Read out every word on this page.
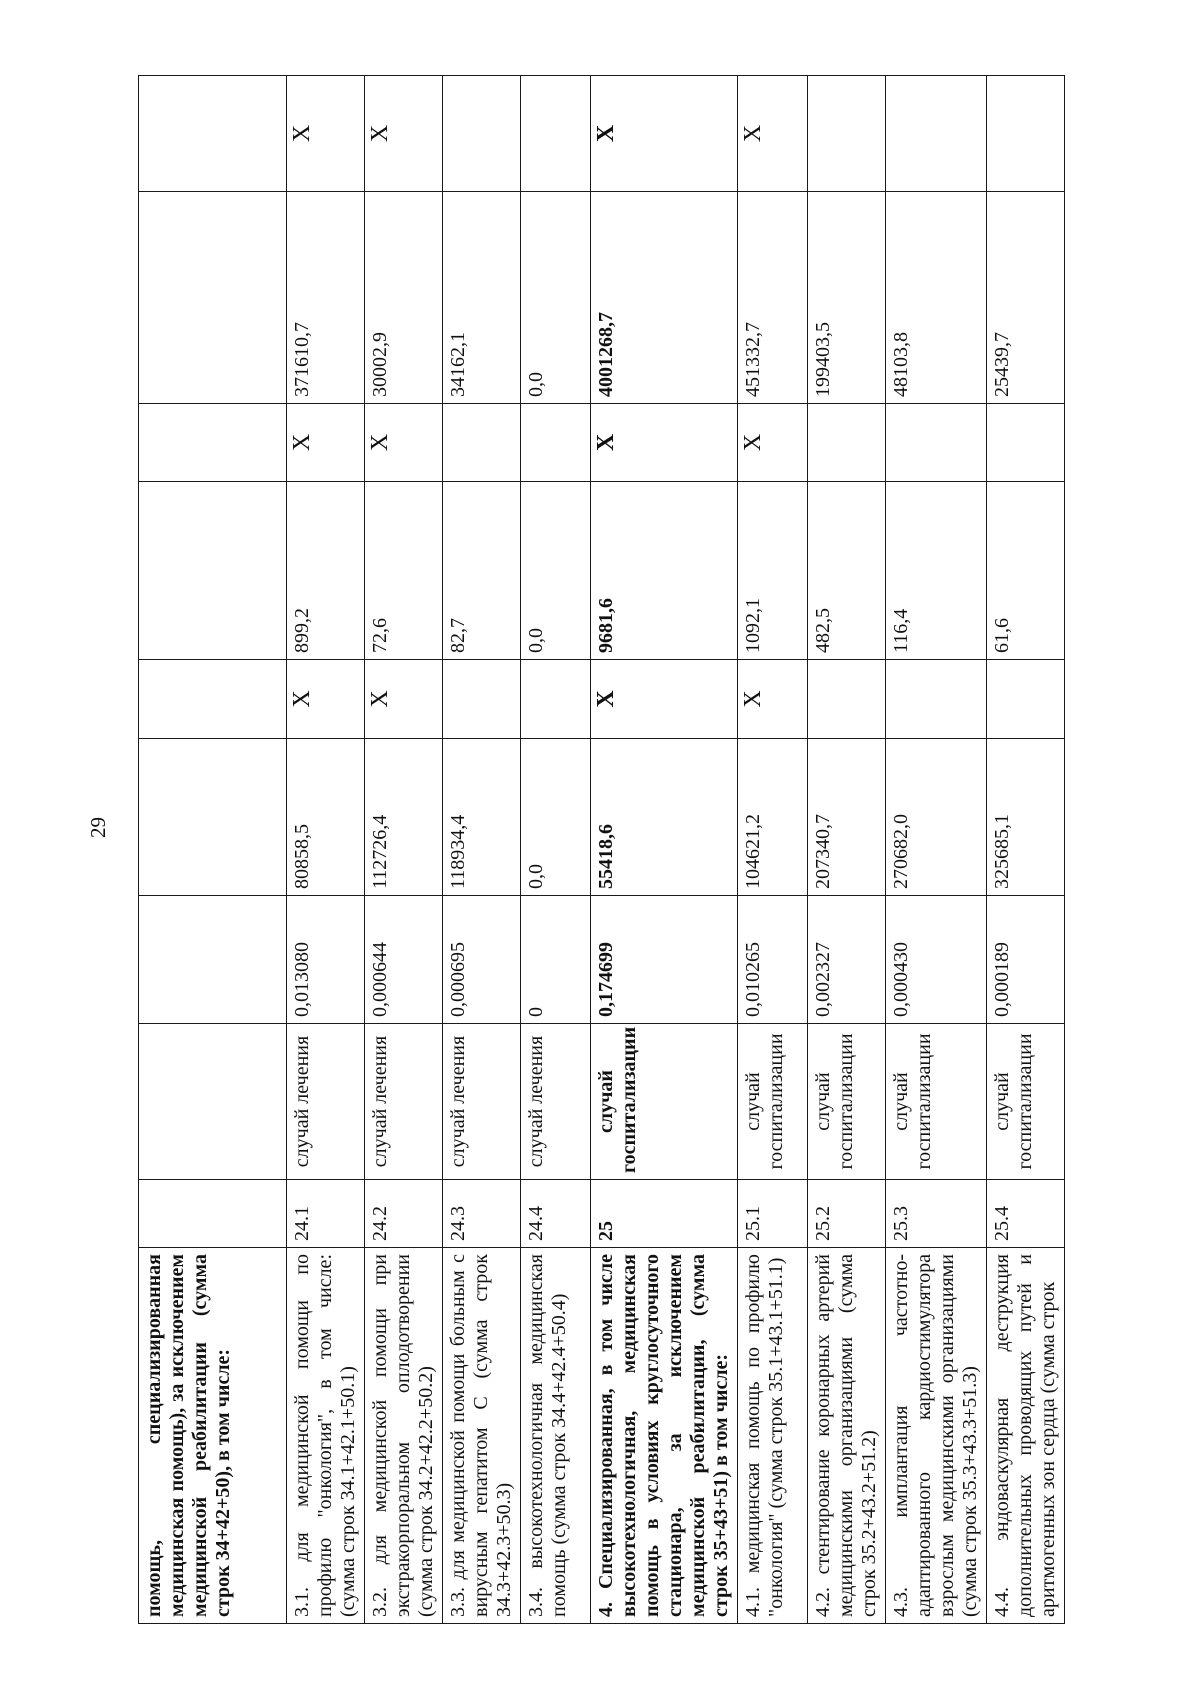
29
помощь, специализированная медицинская помощь), за исключением медицинской реабилитации (сумма строк 34+42+50), в том числе:									
3.1. для медицинской помощи по профилю "онкология", в том числе: (сумма строк 34.1+42.1+50.1)	24.1	случай лечения	0,013080	80858,5	X	899,2	X	371610,7	X
3.2. для медицинской помощи при экстракорпоральном оплодотворении (сумма строк 34.2+42.2+50.2)	24.2	случай лечения	0,000644	112726,4	X	72,6	X	30002,9	X
3.3. для медицинской помощи больным с вирусным гепатитом С (сумма строк 34.3+42.3+50.3)	24.3	случай лечения	0,000695	118934,4		82,7		34162,1	
3.4. высокотехнологичная медицинская помощь (сумма строк 34.4+42.4+50.4)	24.4	случай лечения	0	0,0		0,0		0,0	
4. Специализированная, в том числе высокотехнологичная, медицинская помощь в условиях круглосуточного стационара, за исключением медицинской реабилитации, (сумма строк 35+43+51) в том числе:	25	случай госпитализации	0,174699	55418,6	X	9681,6	X	4001268,7	X
4.1. медицинская помощь по профилю "онкология" (сумма строк 35.1+43.1+51.1)	25.1	случай госпитализации	0,010265	104621,2	X	1092,1	X	451332,7	X
4.2. стентирование коронарных артерий медицинскими организациями (сумма строк 35.2+43.2+51.2)	25.2	случай госпитализации	0,002327	207340,7		482,5		199403,5	
4.3. имплантация частотно-адаптированного кардиостимулятора взрослым медицинскими организациями (сумма строк 35.3+43.3+51.3)	25.3	случай госпитализации	0,000430	270682,0		116,4		48103,8	
4.4. эндоваскулярная деструкция дополнительных проводящих путей и аритмогенных зон сердца (сумма строк	25.4	случай госпитализации	0,000189	325685,1		61,6		25439,7	
